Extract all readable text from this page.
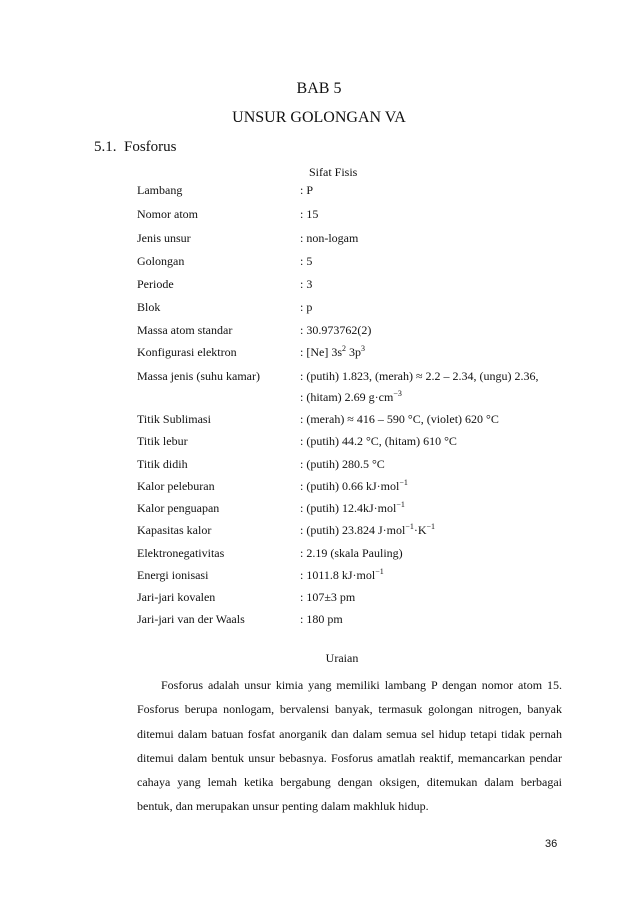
BAB 5
UNSUR GOLONGAN VA
5.1. Fosforus
Sifat Fisis
Lambang	: P
Nomor atom	: 15
Jenis unsur	: non-logam
Golongan	: 5
Periode	: 3
Blok	: p
Massa atom standar	: 30.973762(2)
Konfigurasi elektron	: [Ne] $3s^2$ $3p^3$
Massa jenis (suhu kamar)	: (putih) 1.823, (merah) ≈ 2.2 – 2.34, (ungu) 2.36,
: (hitam) 2.69 $g\cdot cm^{-3}$
Titik Sublimasi	: (merah) ≈ 416 – 590 °C, (violet) 620 °C
Titik lebur	: (putih) 44.2 °C, (hitam) 610 °C
Titik didih	: (putih) 280.5 °C
Kalor peleburan	: (putih) 0.66 kJ·mol$^{-1}$
Kalor penguapan	: (putih) 12.4kJ·mol$^{-1}$
Kapasitas kalor	: (putih) 23.824 $J\cdot mol^{-1}\cdot K^{-1}$
Elektronegativitas	: 2.19 (skala Pauling)
Energi ionisasi	: 1011.8 kJ·mol$^{-1}$
Jari-jari kovalen	: 107±3 pm
Jari-jari van der Waals	: 180 pm
Uraian
Fosforus adalah unsur kimia yang memiliki lambang P dengan nomor atom 15. Fosforus berupa nonlogam, bervalensi banyak, termasuk golongan nitrogen, banyak ditemui dalam batuan fosfat anorganik dan dalam semua sel hidup tetapi tidak pernah ditemui dalam bentuk unsur bebasnya. Fosforus amatlah reaktif, memancarkan pendar cahaya yang lemah ketika bergabung dengan oksigen, ditemukan dalam berbagai bentuk, dan merupakan unsur penting dalam makhluk hidup.
36
